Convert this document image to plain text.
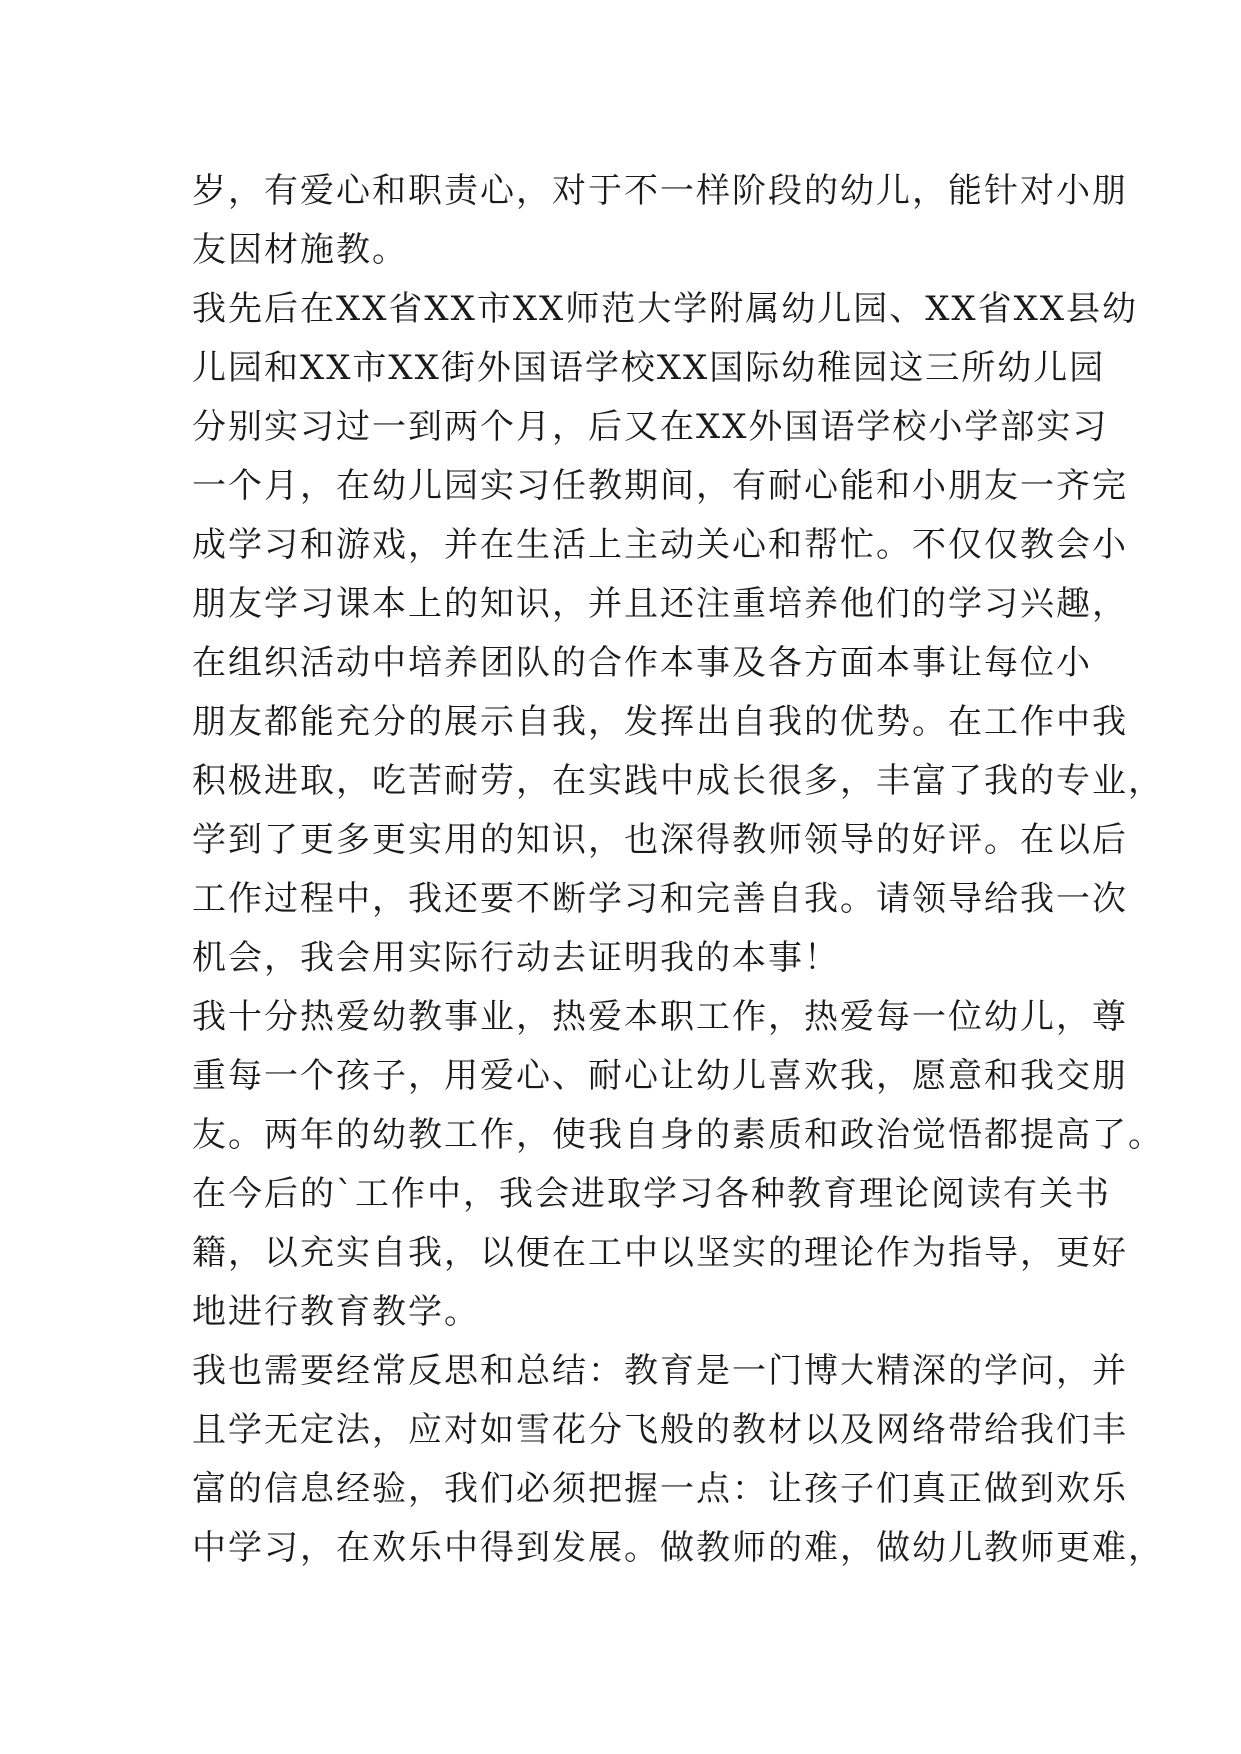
岁，有爱心和职责心，对于不一样阶段的幼儿，能针对小朋
友因材施教。
我先后在XX省XX市XX师范大学附属幼儿园、XX省XX县幼
儿园和XX市XX街外国语学校XX国际幼稚园这三所幼儿园
分别实习过一到两个月，后又在XX外国语学校小学部实习
一个月，在幼儿园实习任教期间，有耐心能和小朋友一齐完
成学习和游戏，并在生活上主动关心和帮忙。不仅仅教会小
朋友学习课本上的知识，并且还注重培养他们的学习兴趣，
在组织活动中培养团队的合作本事及各方面本事让每位小
朋友都能充分的展示自我，发挥出自我的优势。在工作中我
积极进取，吃苦耐劳，在实践中成长很多，丰富了我的专业，
学到了更多更实用的知识，也深得教师领导的好评。在以后
工作过程中，我还要不断学习和完善自我。请领导给我一次
机会，我会用实际行动去证明我的本事！
我十分热爱幼教事业，热爱本职工作，热爱每一位幼儿，尊
重每一个孩子，用爱心、耐心让幼儿喜欢我，愿意和我交朋
友。两年的幼教工作，使我自身的素质和政治觉悟都提高了。
在今后的`工作中，我会进取学习各种教育理论阅读有关书
籍，以充实自我，以便在工中以坚实的理论作为指导，更好
地进行教育教学。
我也需要经常反思和总结：教育是一门博大精深的学问，并
且学无定法，应对如雪花分飞般的教材以及网络带给我们丰
富的信息经验，我们必须把握一点：让孩子们真正做到欢乐
中学习，在欢乐中得到发展。做教师的难，做幼儿教师更难，
